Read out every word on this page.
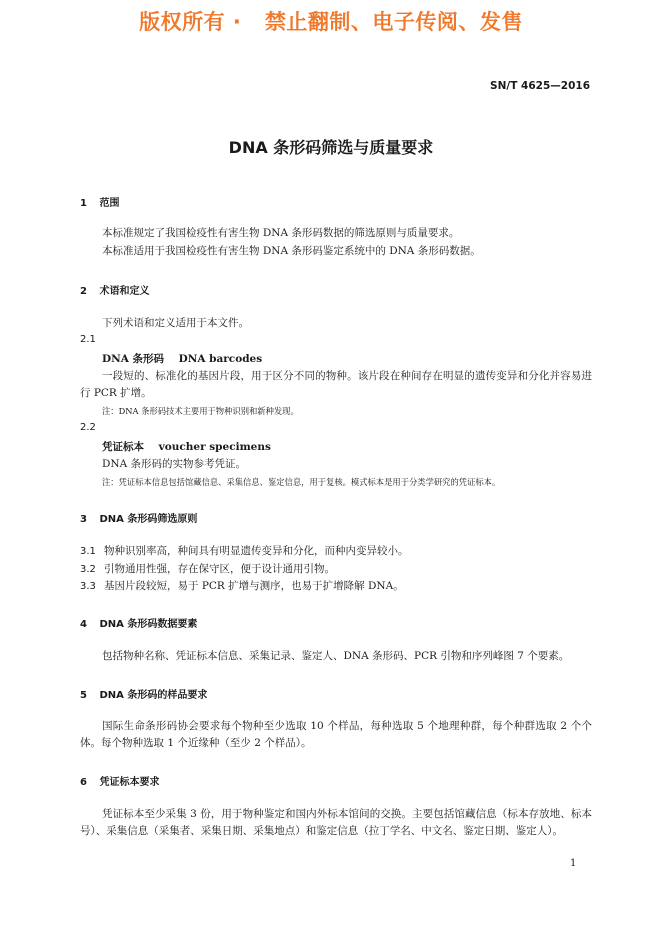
版权所有 ·   禁止翻制、电子传阅、发售
SN/T 4625—2016
DNA 条形码筛选与质量要求
1 范围

本标准规定了我国检疫性有害生物 DNA 条形码数据的筛选原则与质量要求。

本标准适用于我国检疫性有害生物 DNA 条形码鉴定系统中的 DNA 条形码数据。

2 术语和定义

下列术语和定义适用于本文件。

2.1
DNA 条形码    DNA barcodes

一段短的、标准化的基因片段，用于区分不同的物种。该片段在种间存在明显的遗传变异和分化并容易进行 PCR 扩增。

注：DNA 条形码技术主要用于物种识别和新种发现。
2.2
凭证标本    voucher specimens

DNA 条形码的实物参考凭证。

注：凭证标本信息包括馆藏信息、采集信息、鉴定信息，用于复核。模式标本是用于分类学研究的凭证标本。
3 DNA 条形码筛选原则
3.1 物种识别率高，种间具有明显遗传变异和分化，而种内变异较小。
3.2 引物通用性强，存在保守区，便于设计通用引物。
3.3 基因片段较短，易于 PCR 扩增与测序，也易于扩增降解 DNA。
4 DNA 条形码数据要素

包括物种名称、凭证标本信息、采集记录、鉴定人、DNA 条形码、PCR 引物和序列峰图 7 个要素。

5 DNA 条形码的样品要求

国际生命条形码协会要求每个物种至少选取 10 个样品，每种选取 5 个地理种群，每个种群选取 2 个个体。每个物种选取 1 个近缘种（至少 2 个样品）。

6 凭证标本要求

凭证标本至少采集 3 份，用于物种鉴定和国内外标本馆间的交换。主要包括馆藏信息（标本存放地、标本号）、采集信息（采集者、采集日期、采集地点）和鉴定信息（拉丁学名、中文名、鉴定日期、鉴定人）。

1
